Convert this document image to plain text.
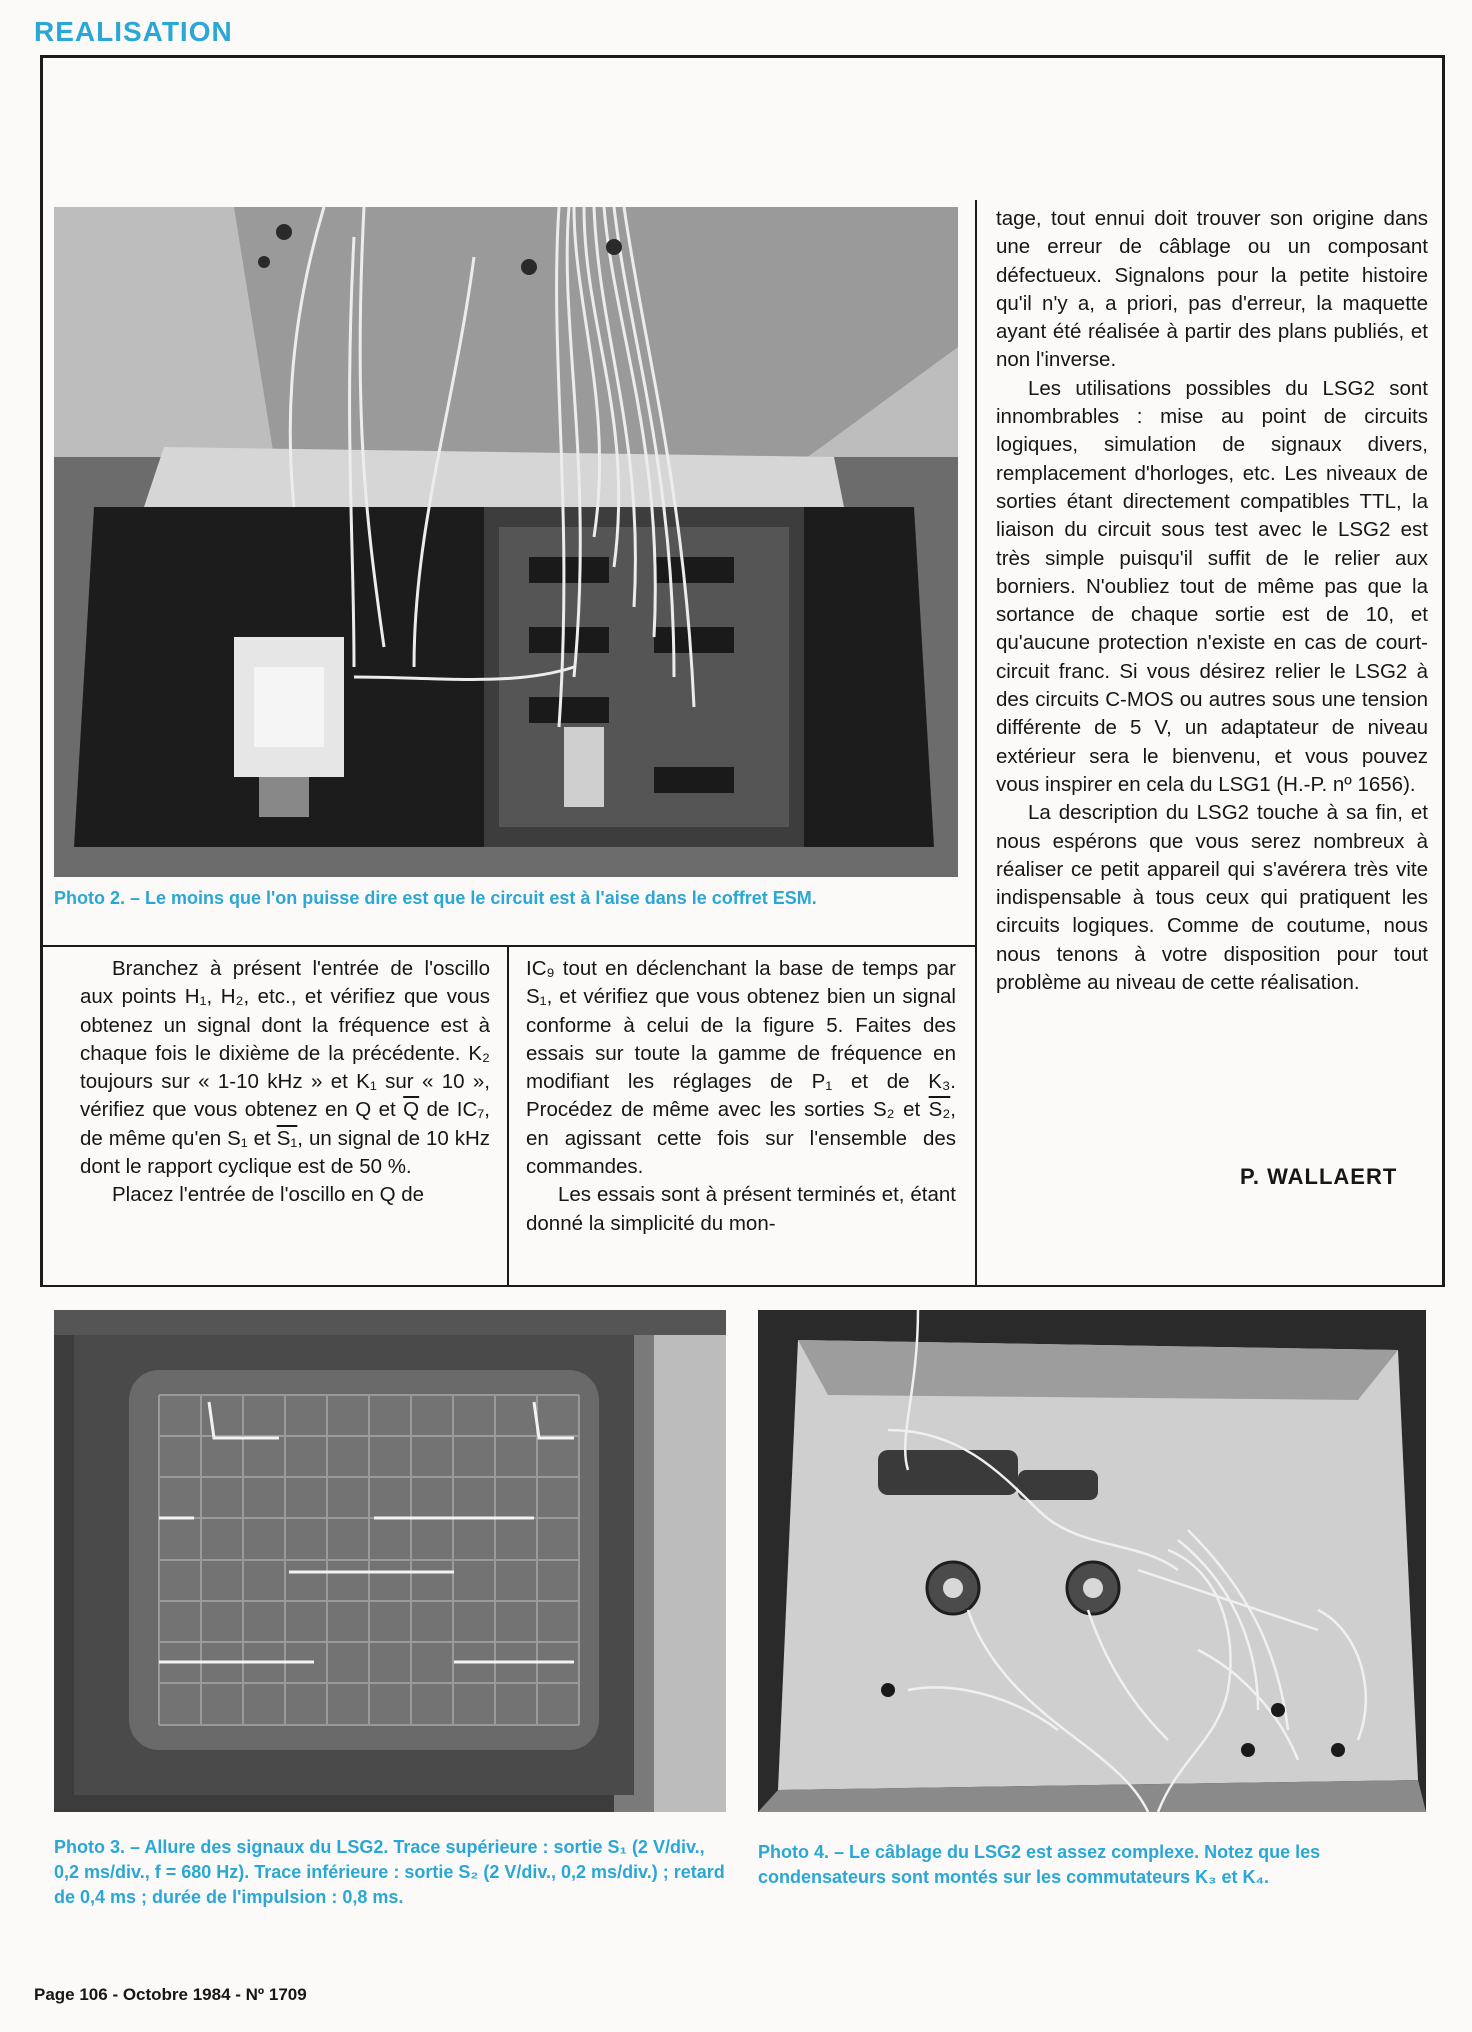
REALISATION

Photo 2. – Le moins que l'on puisse dire est que le circuit est à l'aise dans le coffret ESM.

Branchez à présent l'entrée de l'oscillo aux points H₁, H₂, etc., et vérifiez que vous obtenez un signal dont la fréquence est à chaque fois le dixième de la précédente. K₂ toujours sur « 1-10 kHz » et K₁ sur « 10 », vérifiez que vous obtenez en Q et $\overline{Q}$ de IC₇, de même qu'en S₁ et S₁, un signal de 10 kHz dont le rapport cyclique est de 50 %.

Placez l'entrée de l'oscillo en Q de

IC₉ tout en déclenchant la base de temps par S₁, et vérifiez que vous obtenez bien un signal conforme à celui de la figure 5. Faites des essais sur toute la gamme de fréquence en modifiant les réglages de P₁ et de K₃. Procédez de même avec les sorties S₂ et S₂, en agissant cette fois sur l'ensemble des commandes.

Les essais sont à présent terminés et, étant donné la simplicité du mon-

tage, tout ennui doit trouver son origine dans une erreur de câblage ou un composant défectueux. Signalons pour la petite histoire qu'il n'y a, a priori, pas d'erreur, la maquette ayant été réalisée à partir des plans publiés, et non l'inverse.

Les utilisations possibles du LSG2 sont innombrables : mise au point de circuits logiques, simulation de signaux divers, remplacement d'horloges, etc. Les niveaux de sorties étant directement compatibles TTL, la liaison du circuit sous test avec le LSG2 est très simple puisqu'il suffit de le relier aux borniers. N'oubliez tout de même pas que la sortance de chaque sortie est de 10, et qu'aucune protection n'existe en cas de court-circuit franc. Si vous désirez relier le LSG2 à des circuits C-MOS ou autres sous une tension différente de 5 V, un adaptateur de niveau extérieur sera le bienvenu, et vous pouvez vous inspirer en cela du LSG1 (H.-P. nº 1656).

La description du LSG2 touche à sa fin, et nous espérons que vous serez nombreux à réaliser ce petit appareil qui s'avérera très vite indispensable à tous ceux qui pratiquent les circuits logiques. Comme de coutume, nous nous tenons à votre disposition pour tout problème au niveau de cette réalisation.

P. WALLAERT

Photo 3. – Allure des signaux du LSG2. Trace supérieure : sortie S₁ (2 V/div., 0,2 ms/div., f = 680 Hz). Trace inférieure : sortie S₂ (2 V/div., 0,2 ms/div.) ; retard de 0,4 ms ; durée de l'impulsion : 0,8 ms.

Photo 4. – Le câblage du LSG2 est assez complexe. Notez que les condensateurs sont montés sur les commutateurs K₃ et K₄.

Page 106 - Octobre 1984 - Nº 1709
